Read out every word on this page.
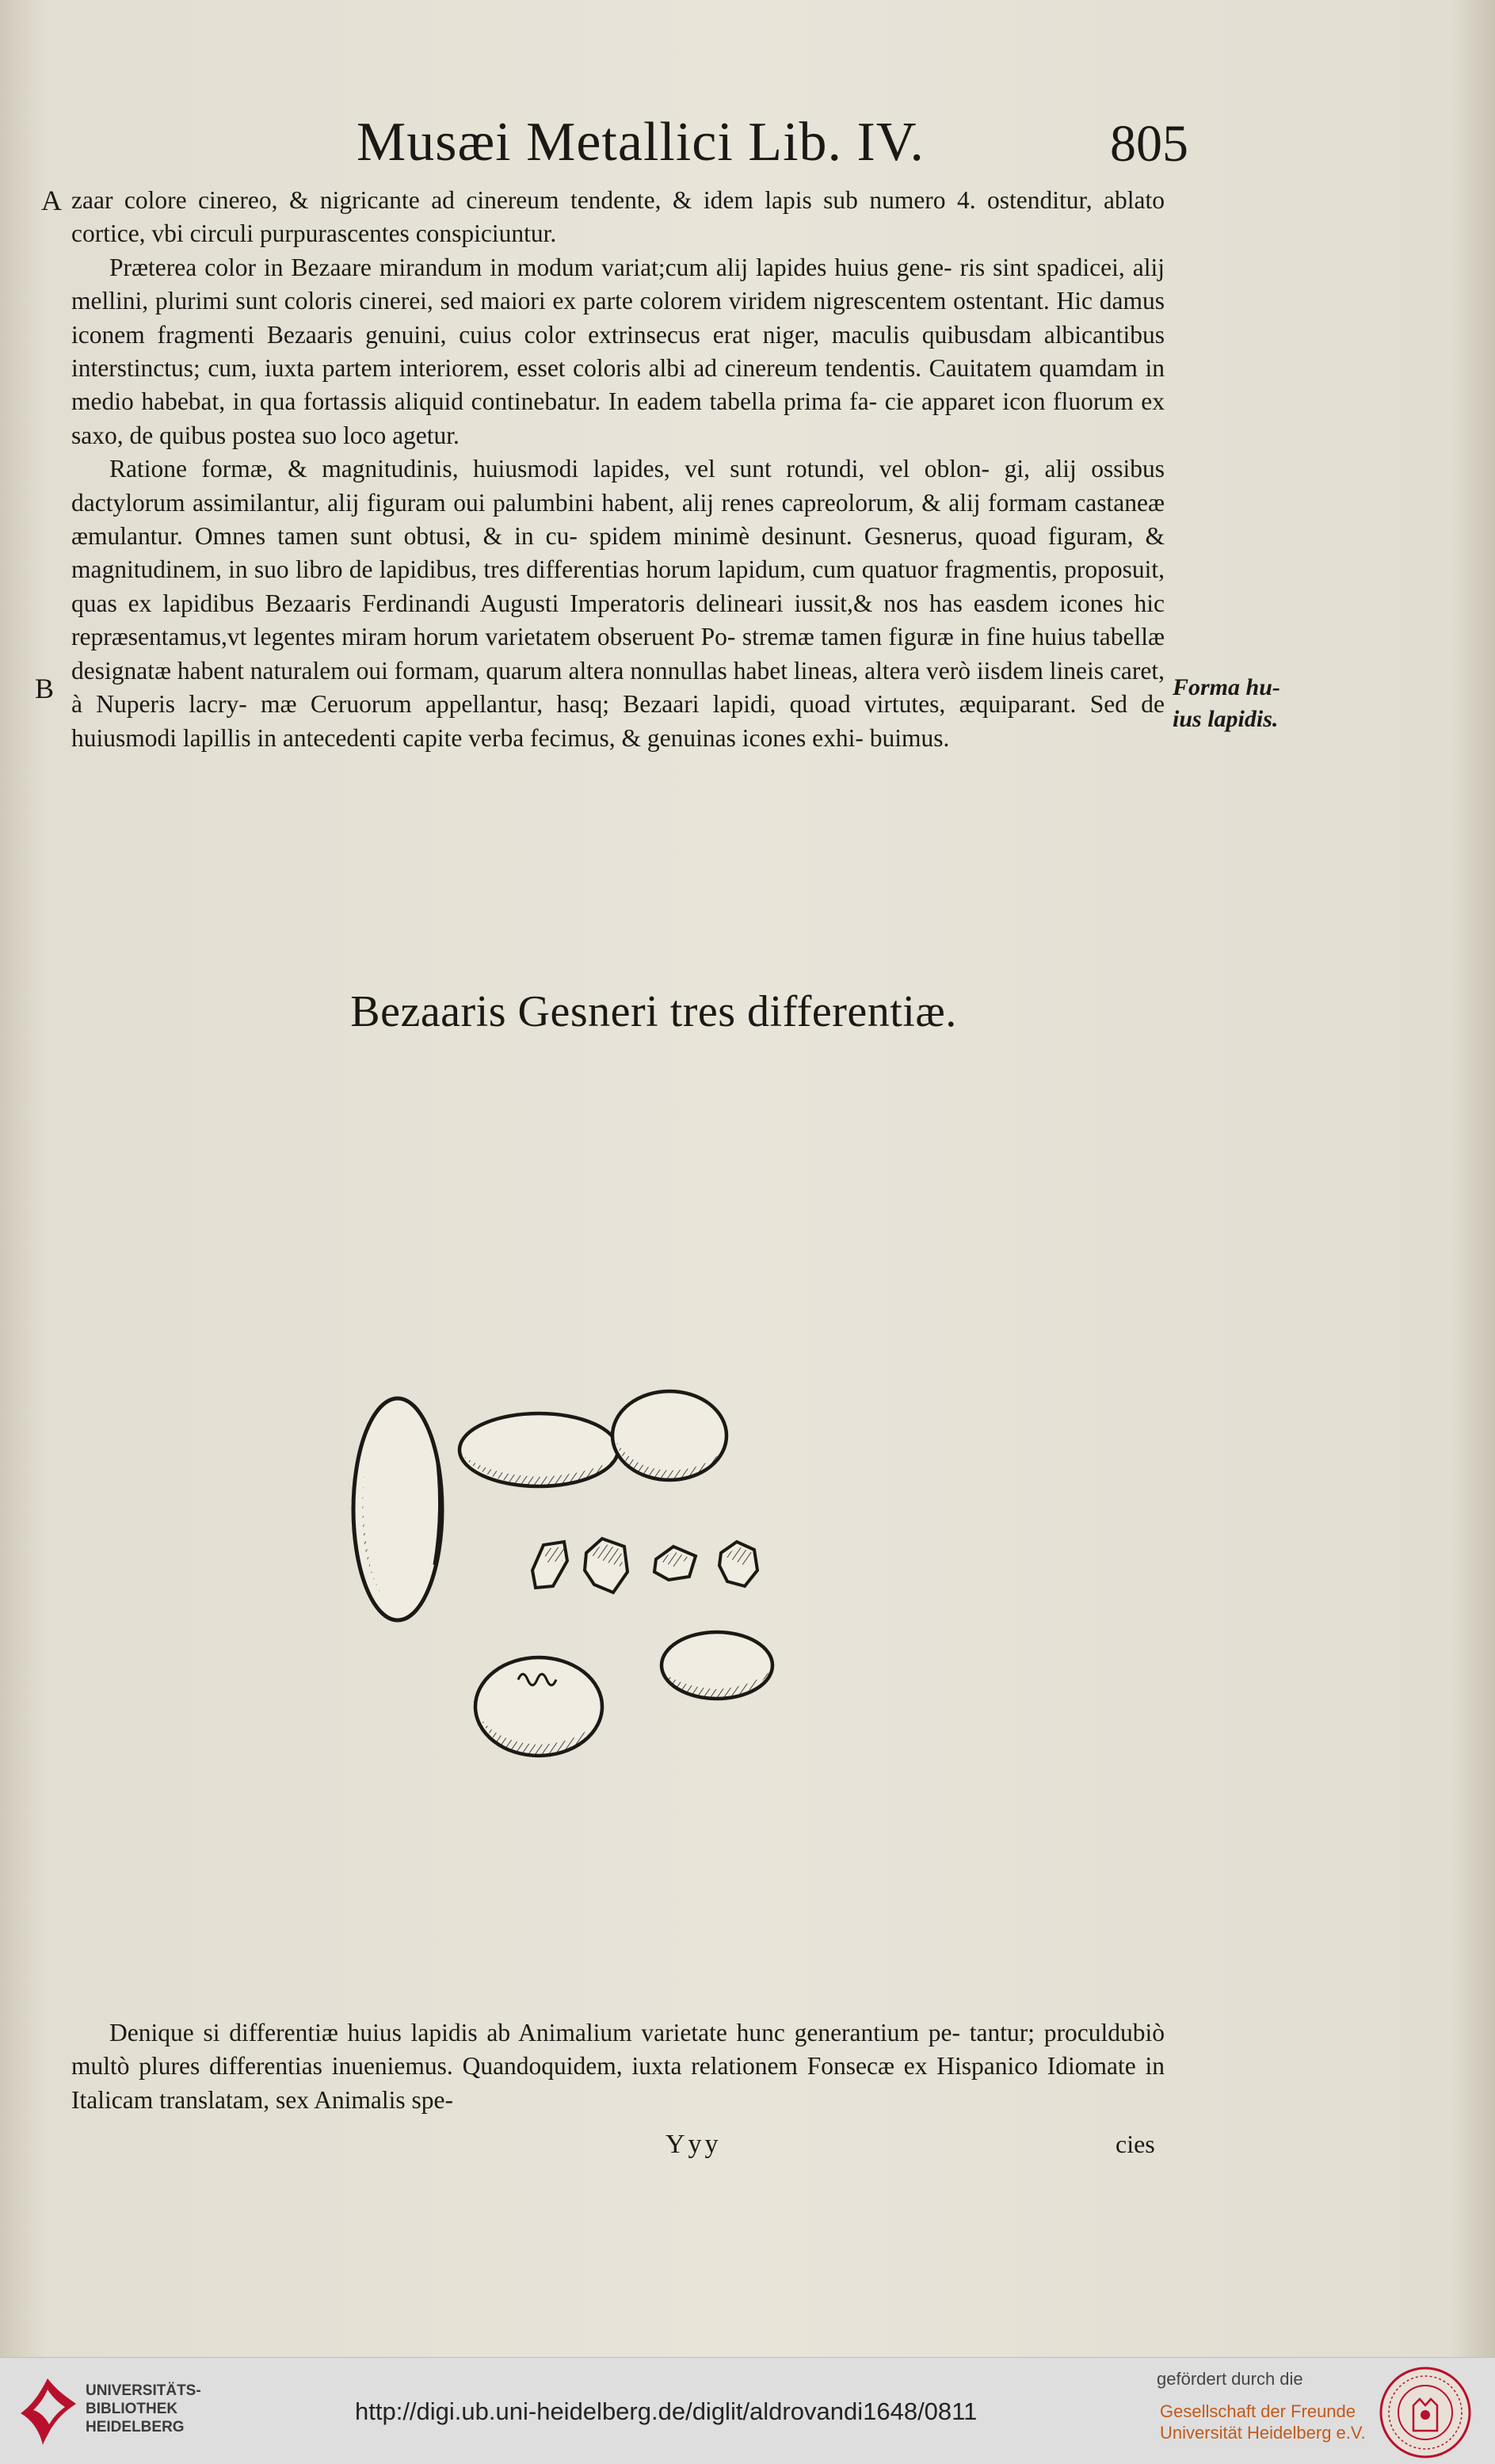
Musæi Metallici Lib. IV.	805
A
B

zaar colore cinereo, & nigricante ad cinereum tendente, & idem lapis sub numero 4. ostenditur, ablato cortice, vbi circuli purpurascentes conspiciuntur.

Præterea color in Bezaare mirandum in modum variat;cum alij lapides huius gene- ris sint spadicei, alij mellini, plurimi sunt coloris cinerei, sed maiori ex parte colorem viridem nigrescentem ostentant. Hic damus iconem fragmenti Bezaaris genuini, cuius color extrinsecus erat niger, maculis quibusdam albicantibus interstinctus; cum, iuxta partem interiorem, esset coloris albi ad cinereum tendentis. Cauitatem quamdam in medio habebat, in qua fortassis aliquid continebatur. In eadem tabella prima fa- cie apparet icon fluorum ex saxo, de quibus postea suo loco agetur.

Ratione formæ, & magnitudinis, huiusmodi lapides, vel sunt rotundi, vel oblon- gi, alij ossibus dactylorum assimilantur, alij figuram oui palumbini habent, alij renes capreolorum, & alij formam castaneæ æmulantur. Omnes tamen sunt obtusi, & in cu- spidem minimè desinunt. Gesnerus, quoad figuram, & magnitudinem, in suo libro de lapidibus, tres differentias horum lapidum, cum quatuor fragmentis, proposuit, quas ex lapidibus Bezaaris Ferdinandi Augusti Imperatoris delineari iussit,& nos has easdem icones hic repræsentamus,vt legentes miram horum varietatem obseruent Po- stremæ tamen figuræ in fine huius tabellæ designatæ habent naturalem oui formam, quarum altera nonnullas habet lineas, altera verò iisdem lineis caret, à Nuperis lacry- mæ Ceruorum appellantur, hasq; Bezaari lapidi, quoad virtutes, æquiparant. Sed de huiusmodi lapillis in antecedenti capite verba fecimus, & genuinas icones exhi- buimus.

Forma hu-
ius lapidis.
Bezaaris Gesneri tres differentiæ.

Denique si differentiæ huius lapidis ab Animalium varietate hunc generantium pe- tantur; proculdubiò multò plures differentias inueniemus. Quandoquidem, iuxta relationem Fonsecæ ex Hispanico Idiomate in Italicam translatam, sex Animalis spe-

Yyy	cies
UNIVERSITÄTS-
BIBLIOTHEK
HEIDELBERG
http://digi.ub.uni-heidelberg.de/diglit/aldrovandi1648/0811
gefördert durch die
Gesellschaft der Freunde
Universität Heidelberg e.V.
